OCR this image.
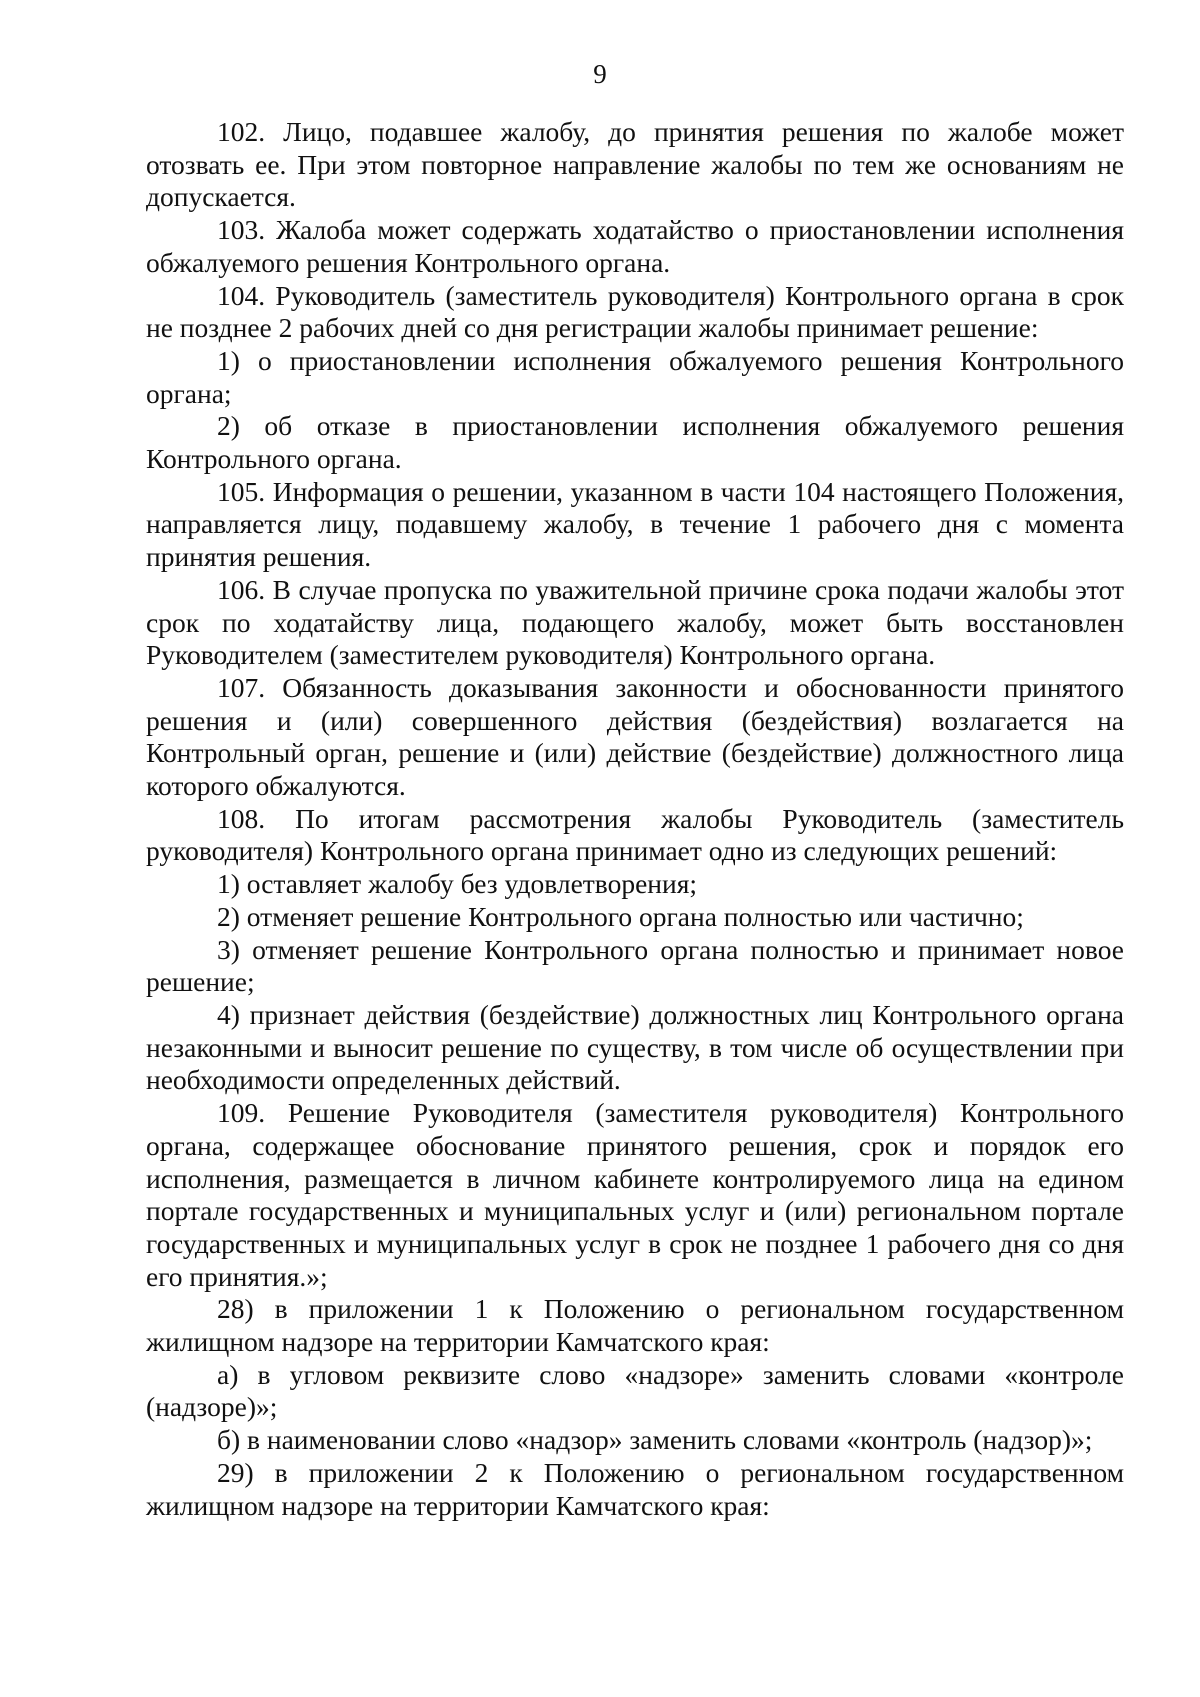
9

102. Лицо, подавшее жалобу, до принятия решения по жалобе может отозвать ее. При этом повторное направление жалобы по тем же основаниям не допускается.

103. Жалоба может содержать ходатайство о приостановлении исполнения обжалуемого решения Контрольного органа.

104. Руководитель (заместитель руководителя) Контрольного органа в срок не позднее 2 рабочих дней со дня регистрации жалобы принимает решение:

1) о приостановлении исполнения обжалуемого решения Контрольного органа;

2) об отказе в приостановлении исполнения обжалуемого решения Контрольного органа.

105. Информация о решении, указанном в части 104 настоящего Положения, направляется лицу, подавшему жалобу, в течение 1 рабочего дня с момента принятия решения.

106. В случае пропуска по уважительной причине срока подачи жалобы этот срок по ходатайству лица, подающего жалобу, может быть восстановлен Руководителем (заместителем руководителя) Контрольного органа.

107. Обязанность доказывания законности и обоснованности принятого решения и (или) совершенного действия (бездействия) возлагается на Контрольный орган, решение и (или) действие (бездействие) должностного лица которого обжалуются.

108. По итогам рассмотрения жалобы Руководитель (заместитель руководителя) Контрольного органа принимает одно из следующих решений:

1) оставляет жалобу без удовлетворения;

2) отменяет решение Контрольного органа полностью или частично;

3) отменяет решение Контрольного органа полностью и принимает новое решение;

4) признает действия (бездействие) должностных лиц Контрольного органа незаконными и выносит решение по существу, в том числе об осуществлении при необходимости определенных действий.

109. Решение Руководителя (заместителя руководителя) Контрольного органа, содержащее обоснование принятого решения, срок и порядок его исполнения, размещается в личном кабинете контролируемого лица на едином портале государственных и муниципальных услуг и (или) региональном портале государственных и муниципальных услуг в срок не позднее 1 рабочего дня со дня его принятия.»;

28) в приложении 1 к Положению о региональном государственном жилищном надзоре на территории Камчатского края:

а) в угловом реквизите слово «надзоре» заменить словами «контроле (надзоре)»;

б) в наименовании слово «надзор» заменить словами «контроль (надзор)»;

29) в приложении 2 к Положению о региональном государственном жилищном надзоре на территории Камчатского края:
